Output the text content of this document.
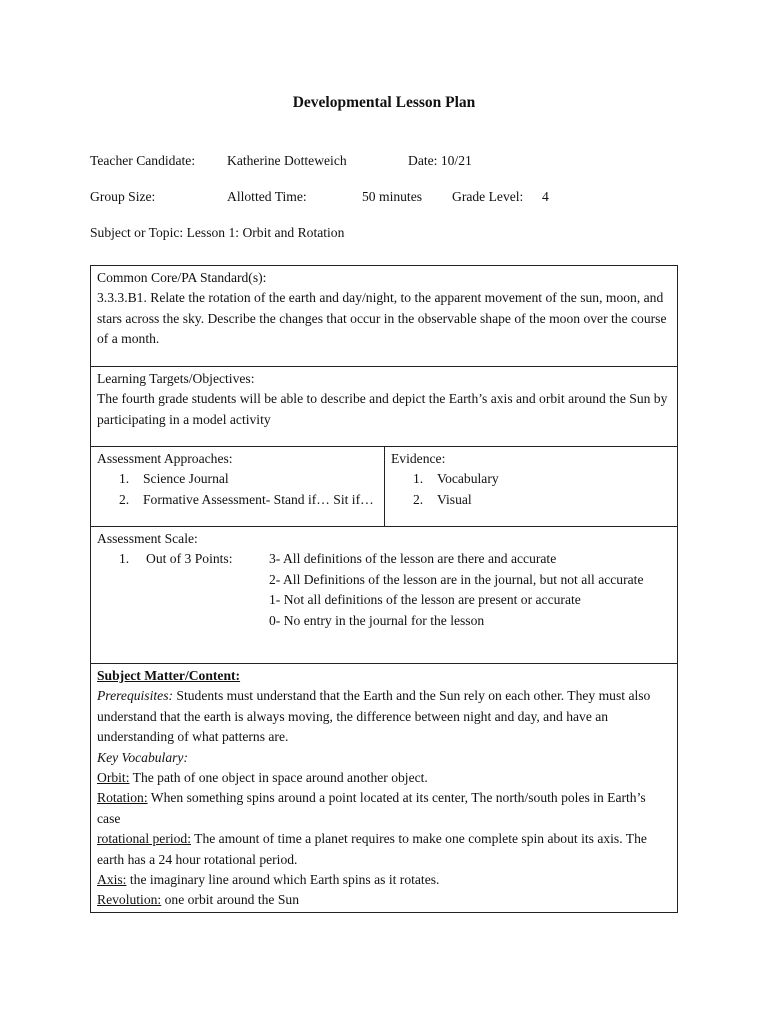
Developmental Lesson Plan
Teacher Candidate: Katherine Dotteweich	Date: 10/21
Group Size:	Allotted Time:	50 minutes Grade Level: 4
Subject or Topic: Lesson 1: Orbit and Rotation
Common Core/PA Standard(s):
3.3.3.B1. Relate the rotation of the earth and day/night, to the apparent movement of the sun, moon, and stars across the sky. Describe the changes that occur in the observable shape of the moon over the course of a month.
Learning Targets/Objectives:
The fourth grade students will be able to describe and depict the Earth’s axis and orbit around the Sun by participating in a model activity
Assessment Approaches:
1. Science Journal
2. Formative Assessment- Stand if… Sit if…
Evidence:
1. Vocabulary
2. Visual
Assessment Scale:
1. Out of 3 Points:	3- All definitions of the lesson are there and accurate
2- All Definitions of the lesson are in the journal, but not all accurate
1- Not all definitions of the lesson are present or accurate
0- No entry in the journal for the lesson
Subject Matter/Content:
Prerequisites: Students must understand that the Earth and the Sun rely on each other. They must also understand that the earth is always moving, the difference between night and day, and have an understanding of what patterns are.
Key Vocabulary:
Orbit: The path of one object in space around another object.
Rotation: When something spins around a point located at its center, The north/south poles in Earth’s case
rotational period: The amount of time a planet requires to make one complete spin about its axis. The earth has a 24 hour rotational period.
Axis: the imaginary line around which Earth spins as it rotates.
Revolution: one orbit around the Sun
